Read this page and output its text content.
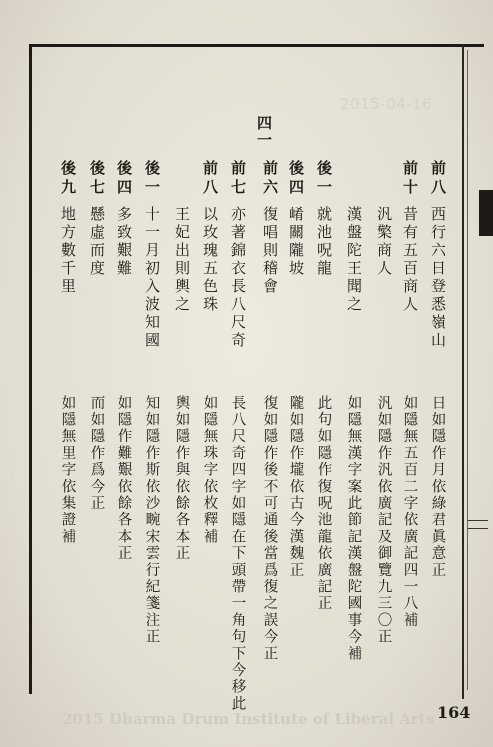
2015-04-16
四一
前八
西行六日登悉嶺山
日如隱作月依綠君眞意正
前十
昔有五百商人
如隱無五百二字依廣記四一八補
汎檠商人
汎如隱作汎依廣記及御覽九三〇正
漢盤陀王聞之
如隱無漢字案此節記漢盤陀國事今補
後一
就池呪龍
此句如隱作復呪池龍依廣記正
後四
崤關隴坡
隴如隱作壠依古今漢魏正
前六
復唱則稽會
復如隱作後不可通後當爲復之誤今正
前七
亦著錦衣長八尺奇
長八尺奇四字如隱在下頭帶一角句下今移此
前八
以玫瑰五色珠
如隱無珠字依枚釋補
王妃出則輿之
輿如隱作與依餘各本正
後一
十一月初入波知國
知如隱作斯依沙畹宋雲行紀箋注正
後四
多致艱難
如隱作難艱依餘各本正
後七
懸虛而度
而如隱作爲今正
後九
地方數千里
如隱無里字依集證補
2015 Dharma Drum Institute of Liberal Arts 164
